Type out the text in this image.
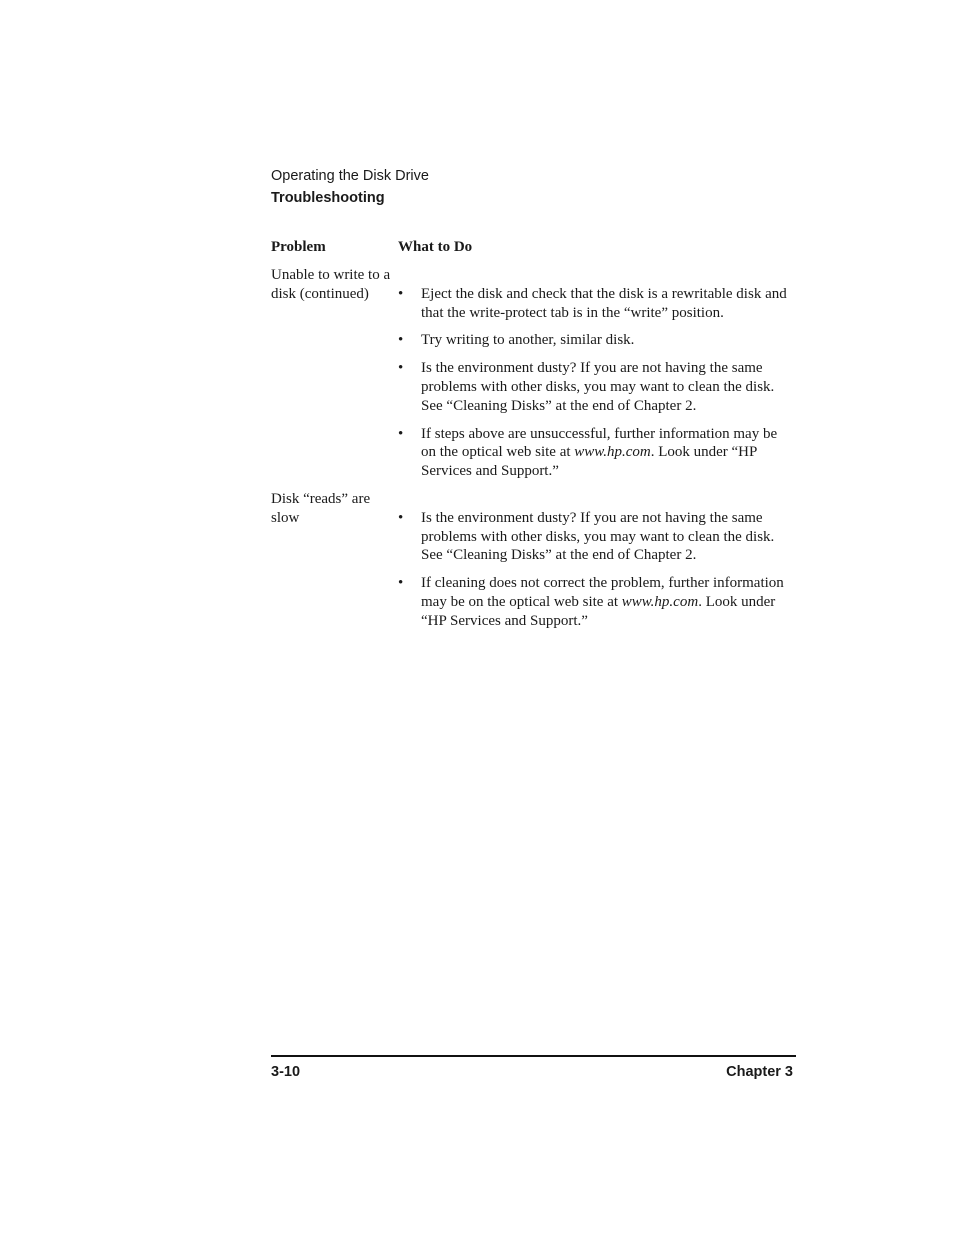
Operating the Disk Drive
Troubleshooting
Problem	What to Do
Unable to write to a disk (continued)	•	Eject the disk and check that the disk is a rewritable disk and that the write-protect tab is in the “write” position.
•	Try writing to another, similar disk.
•	Is the environment dusty? If you are not having the same problems with other disks, you may want to clean the disk. See “Cleaning Disks” at the end of Chapter 2.
•	If steps above are unsuccessful, further information may be on the optical web site at www.hp.com. Look under “HP Services and Support.”
Disk “reads” are slow	•	Is the environment dusty? If you are not having the same problems with other disks, you may want to clean the disk. See “Cleaning Disks” at the end of Chapter 2.
•	If cleaning does not correct the problem, further information may be on the optical web site at www.hp.com. Look under “HP Services and Support.”
3-10	Chapter 3
